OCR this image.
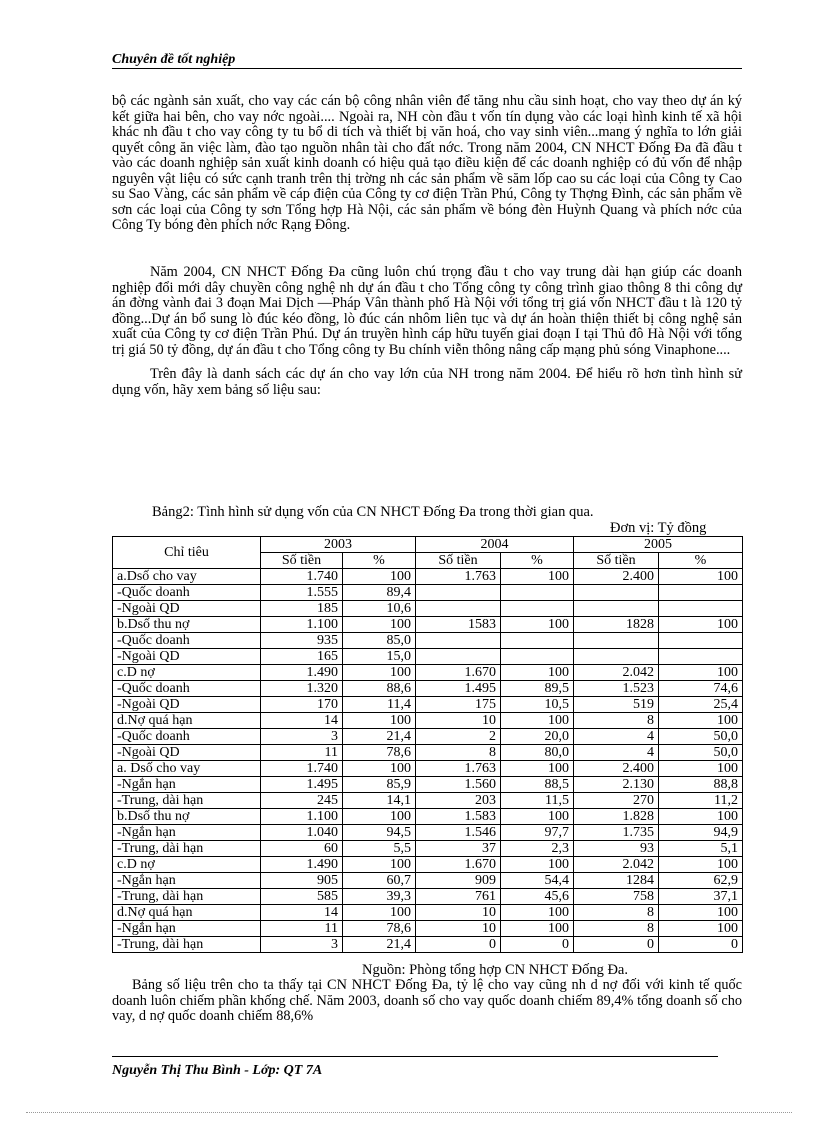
Chuyên đề tốt nghiệp
bộ các ngành sản xuất, cho vay các cán bộ công nhân viên để tăng nhu cầu sinh hoạt, cho vay theo dự án ký kết giữa hai bên, cho vay nớc ngoài.... Ngoài ra, NH còn đầu t vốn tín dụng vào các loại hình kinh tế xã hội khác nh đầu t cho vay công ty tu bổ di tích và thiết bị văn hoá, cho vay sinh viên...mang ý nghĩa to lớn giải quyết công ăn việc làm, đào tạo nguồn nhân tài cho đất nớc. Trong năm 2004, CN NHCT Đống Đa đã đầu t vào các doanh nghiệp sản xuất kinh doanh có hiệu quả tạo điều kiện để các doanh nghiệp có đủ vốn để nhập nguyên vật liệu có sức cạnh tranh trên thị trờng nh các sản phẩm về săm lốp cao su các loại của Công ty Cao su Sao Vàng, các sản phẩm về cáp điện của Công ty cơ điện Trần Phú, Công ty Thợng Đình, các sản phẩm về sơn các loại của Công ty sơn Tổng hợp Hà Nội, các sản phẩm về bóng đèn Huỳnh Quang và phích nớc của Công Ty bóng đèn phích nớc Rạng Đông.
Năm 2004, CN NHCT Đống Đa cũng luôn chú trọng đầu t cho vay trung dài hạn giúp các doanh nghiệp đổi mới dây chuyền công nghệ nh dự án đầu t cho Tổng công ty công trình giao thông 8 thi công dự án đờng vành đai 3 đoạn Mai Dịch —Pháp Vân thành phố Hà Nội với tổng trị giá vốn NHCT đầu t là 120 tỷ đồng...Dự án bổ sung lò đúc kéo đồng, lò đúc cán nhôm liên tục và dự án hoàn thiện thiết bị công nghệ sản xuất của Công ty cơ điện Trần Phú. Dự án truyền hình cáp hữu tuyến giai đoạn I tại Thủ đô Hà Nội với tổng trị giá 50 tỷ đồng, dự án đầu t cho Tổng công ty Bu chính viễn thông nâng cấp mạng phủ sóng Vinaphone....
Trên đây là danh sách các dự án cho vay lớn của NH trong năm 2004. Để hiểu rõ hơn tình hình sử dụng vốn, hãy xem bảng số liệu sau:
Bảng2: Tình hình sử dụng vốn của CN NHCT Đống Đa trong thời gian qua.
Đơn vị: Tỷ đồng
Chỉ tiêu	2003		2004		2005	
	Số tiền	%	Số tiền	%	Số tiền	%
a.Dsố cho vay	1.740	100	1.763	100	2.400	100
-Quốc doanh	1.555	89,4				
-Ngoài QD	185	10,6				
b.Dsố thu nợ	1.100	100	1583	100	1828	100
-Quốc doanh	935	85,0				
-Ngoài QD	165	15,0				
c.D nợ	1.490	100	1.670	100	2.042	100
-Quốc doanh	1.320	88,6	1.495	89,5	1.523	74,6
-Ngoài QD	170	11,4	175	10,5	519	25,4
d.Nợ quá hạn	14	100	10	100	8	100
-Quốc doanh	3	21,4	2	20,0	4	50,0
-Ngoài QD	11	78,6	8	80,0	4	50,0
a. Dsố cho vay	1.740	100	1.763	100	2.400	100
-Ngắn hạn	1.495	85,9	1.560	88,5	2.130	88,8
-Trung, dài hạn	245	14,1	203	11,5	270	11,2
b.Dsố thu nợ	1.100	100	1.583	100	1.828	100
-Ngắn hạn	1.040	94,5	1.546	97,7	1.735	94,9
-Trung, dài hạn	60	5,5	37	2,3	93	5,1
c.D nợ	1.490	100	1.670	100	2.042	100
-Ngắn hạn	905	60,7	909	54,4	1284	62,9
-Trung, dài hạn	585	39,3	761	45,6	758	37,1
d.Nợ quá hạn	14	100	10	100	8	100
-Ngắn hạn	11	78,6	10	100	8	100
-Trung, dài hạn	3	21,4	0	0	0	0
Nguồn: Phòng tổng hợp CN NHCT Đống Đa.
Bảng số liệu trên cho ta thấy tại CN NHCT Đống Đa, tỷ lệ cho vay cũng nh d nợ đối với kinh tế quốc doanh luôn chiếm phần khống chế. Năm 2003, doanh số cho vay quốc doanh chiếm 89,4% tổng doanh số cho vay, d nợ quốc doanh chiếm 88,6%
Nguyễn Thị Thu Bình - Lớp: QT 7A
